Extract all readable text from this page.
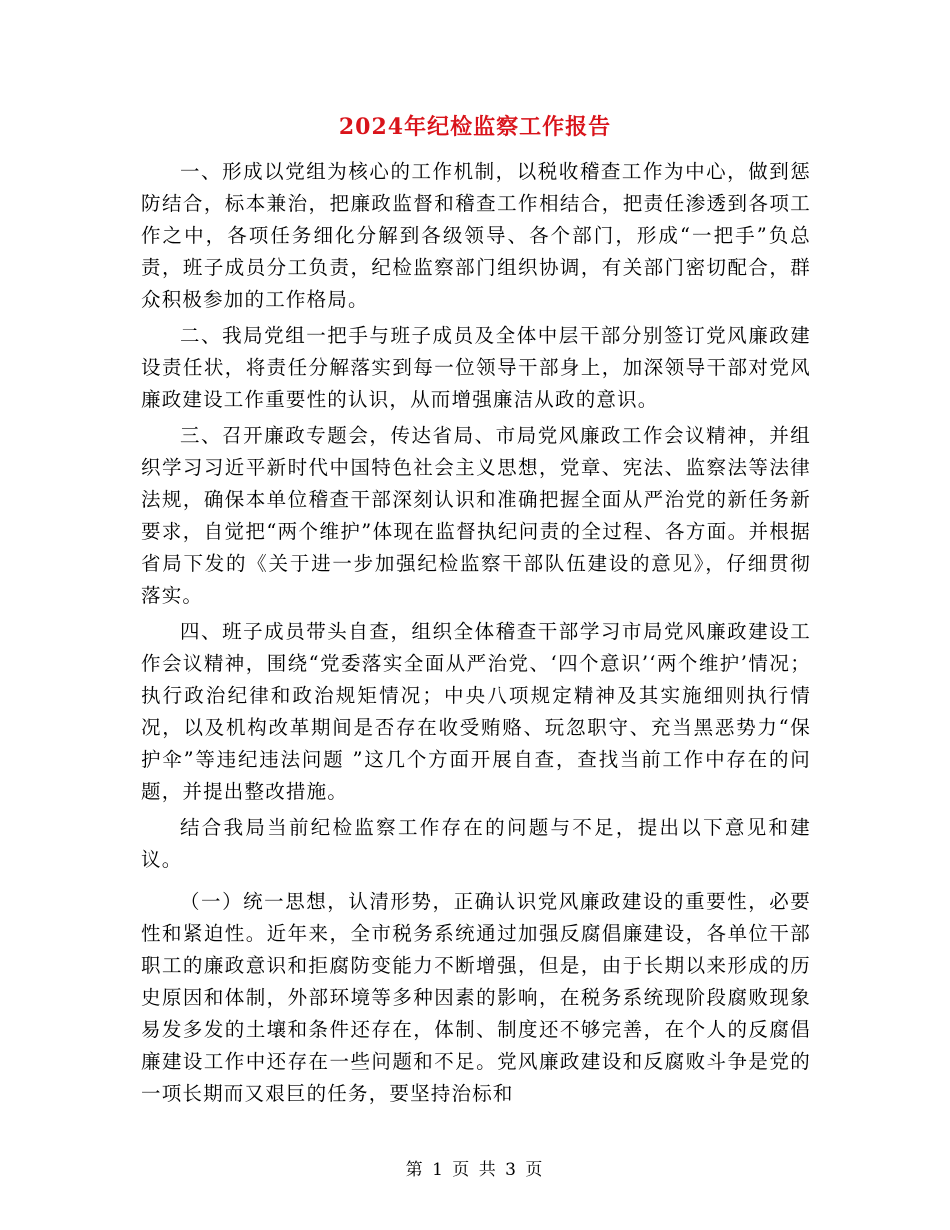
2024年纪检监察工作报告

一、形成以党组为核心的工作机制，以税收稽查工作为中心，做到惩防结合，标本兼治，把廉政监督和稽查工作相结合，把责任渗透到各项工作之中，各项任务细化分解到各级领导、各个部门，形成“一把手”负总责，班子成员分工负责，纪检监察部门组织协调，有关部门密切配合，群众积极参加的工作格局。

二、我局党组一把手与班子成员及全体中层干部分别签订党风廉政建设责任状，将责任分解落实到每一位领导干部身上，加深领导干部对党风廉政建设工作重要性的认识，从而增强廉洁从政的意识。

三、召开廉政专题会，传达省局、市局党风廉政工作会议精神，并组织学习习近平新时代中国特色社会主义思想，党章、宪法、监察法等法律法规，确保本单位稽查干部深刻认识和准确把握全面从严治党的新任务新要求，自觉把“两个维护”体现在监督执纪问责的全过程、各方面。并根据省局下发的《关于进一步加强纪检监察干部队伍建设的意见》，仔细贯彻落实。

四、班子成员带头自查，组织全体稽查干部学习市局党风廉政建设工作会议精神，围绕“党委落实全面从严治党、‘四个意识’‘两个维护’情况；执行政治纪律和政治规矩情况；中央八项规定精神及其实施细则执行情况，以及机构改革期间是否存在收受贿赂、玩忽职守、充当黑恶势力“保护伞”等违纪违法问题 ”这几个方面开展自查，查找当前工作中存在的问题，并提出整改措施。

结合我局当前纪检监察工作存在的问题与不足，提出以下意见和建议。

（一）统一思想，认清形势，正确认识党风廉政建设的重要性，必要性和紧迫性。近年来，全市税务系统通过加强反腐倡廉建设，各单位干部职工的廉政意识和拒腐防变能力不断增强，但是，由于长期以来形成的历史原因和体制，外部环境等多种因素的影响，在税务系统现阶段腐败现象易发多发的土壤和条件还存在，体制、制度还不够完善，在个人的反腐倡廉建设工作中还存在一些问题和不足。党风廉政建设和反腐败斗争是党的一项长期而又艰巨的任务，要坚持治标和

第 1 页 共 3 页
